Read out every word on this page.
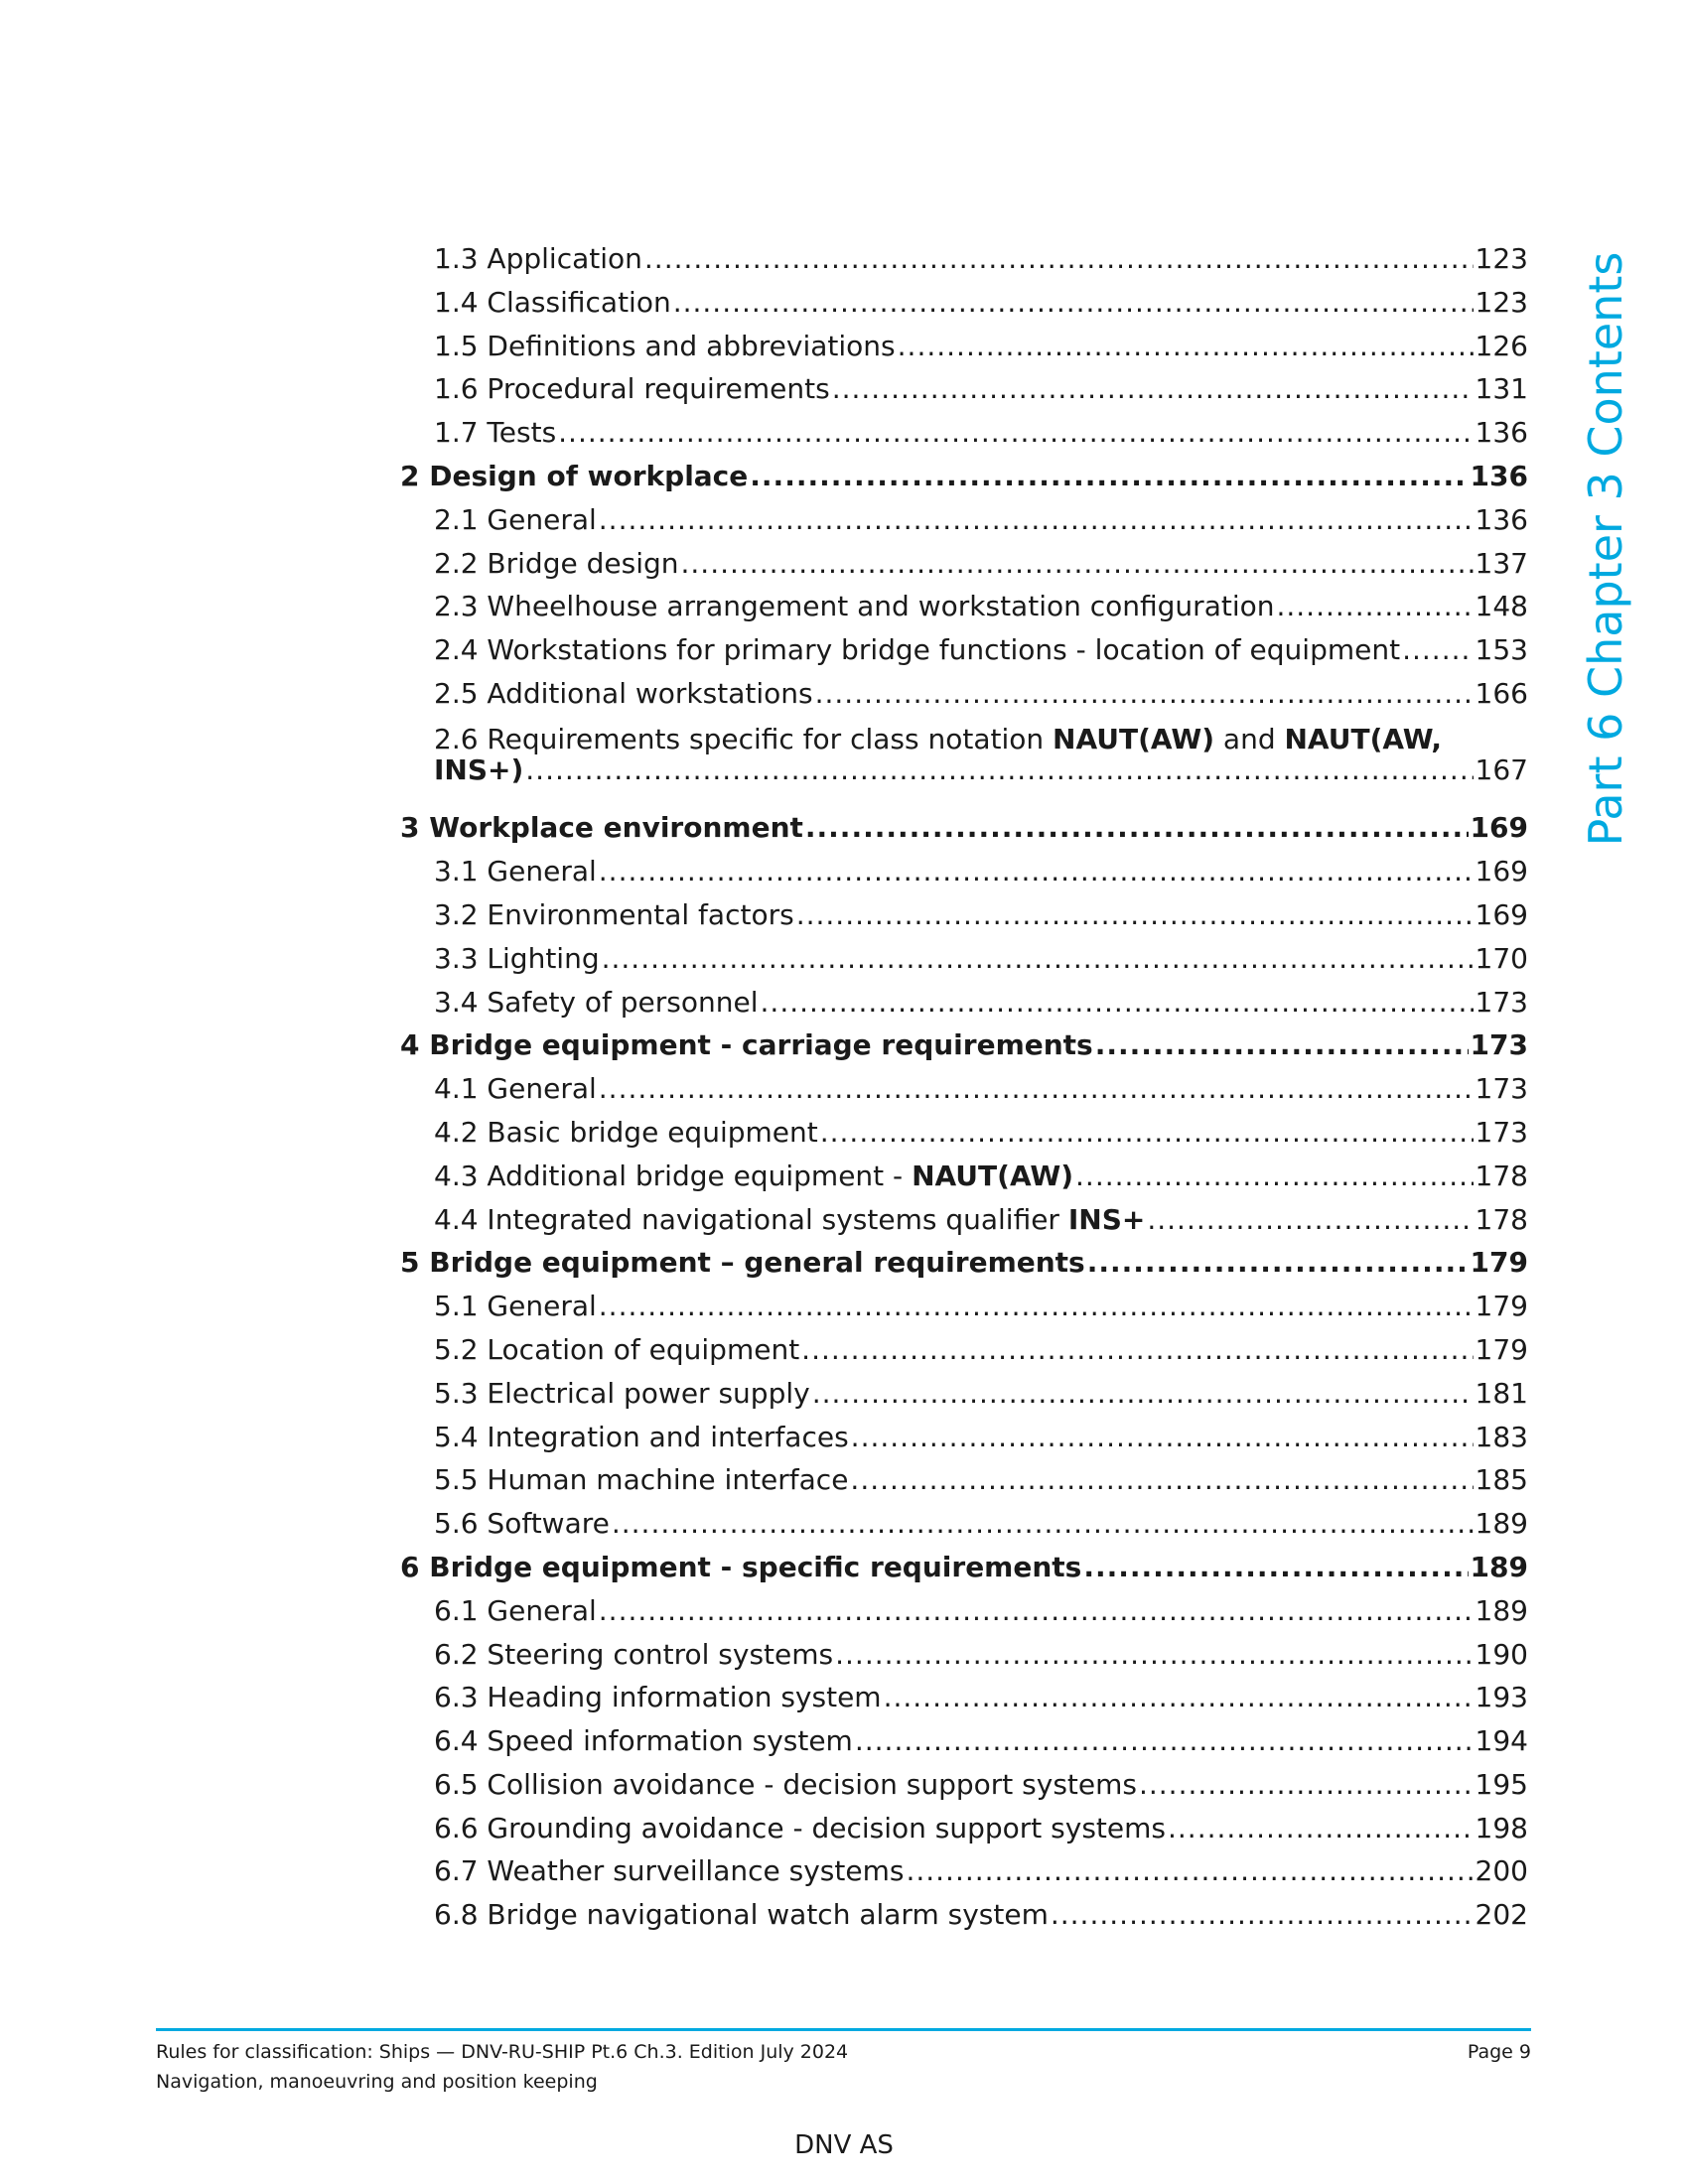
1.3 Application .....	123
1.4 Classification .....	123
1.5 Definitions and abbreviations .....	126
1.6 Procedural requirements .....	131
1.7 Tests .....	136
2 Design of workplace .....	136
2.1 General .....	136
2.2 Bridge design .....	137
2.3 Wheelhouse arrangement and workstation configuration .....	148
2.4 Workstations for primary bridge functions - location of equipment .....	153
2.5 Additional workstations .....	166
2.6 Requirements specific for class notation NAUT(AW) and NAUT(AW,
INS+) .....	167
3 Workplace environment .....	169
3.1 General .....	169
3.2 Environmental factors .....	169
3.3 Lighting .....	170
3.4 Safety of personnel .....	173
4 Bridge equipment - carriage requirements .....	173
4.1 General .....	173
4.2 Basic bridge equipment .....	173
4.3 Additional bridge equipment - NAUT(AW) .....	178
4.4 Integrated navigational systems qualifier INS+ .....	178
5 Bridge equipment – general requirements .....	179
5.1 General .....	179
5.2 Location of equipment .....	179
5.3 Electrical power supply .....	181
5.4 Integration and interfaces .....	183
5.5 Human machine interface .....	185
5.6 Software .....	189
6 Bridge equipment - specific requirements .....	189
6.1 General .....	189
6.2 Steering control systems .....	190
6.3 Heading information system .....	193
6.4 Speed information system .....	194
6.5 Collision avoidance - decision support systems .....	195
6.6 Grounding avoidance - decision support systems .....	198
6.7 Weather surveillance systems .....	200
6.8 Bridge navigational watch alarm system .....	202
Part 6 Chapter 3 Contents
Rules for classification: Ships — DNV-RU-SHIP Pt.6 Ch.3. Edition July 2024
Navigation, manoeuvring and position keeping
Page 9
DNV AS
